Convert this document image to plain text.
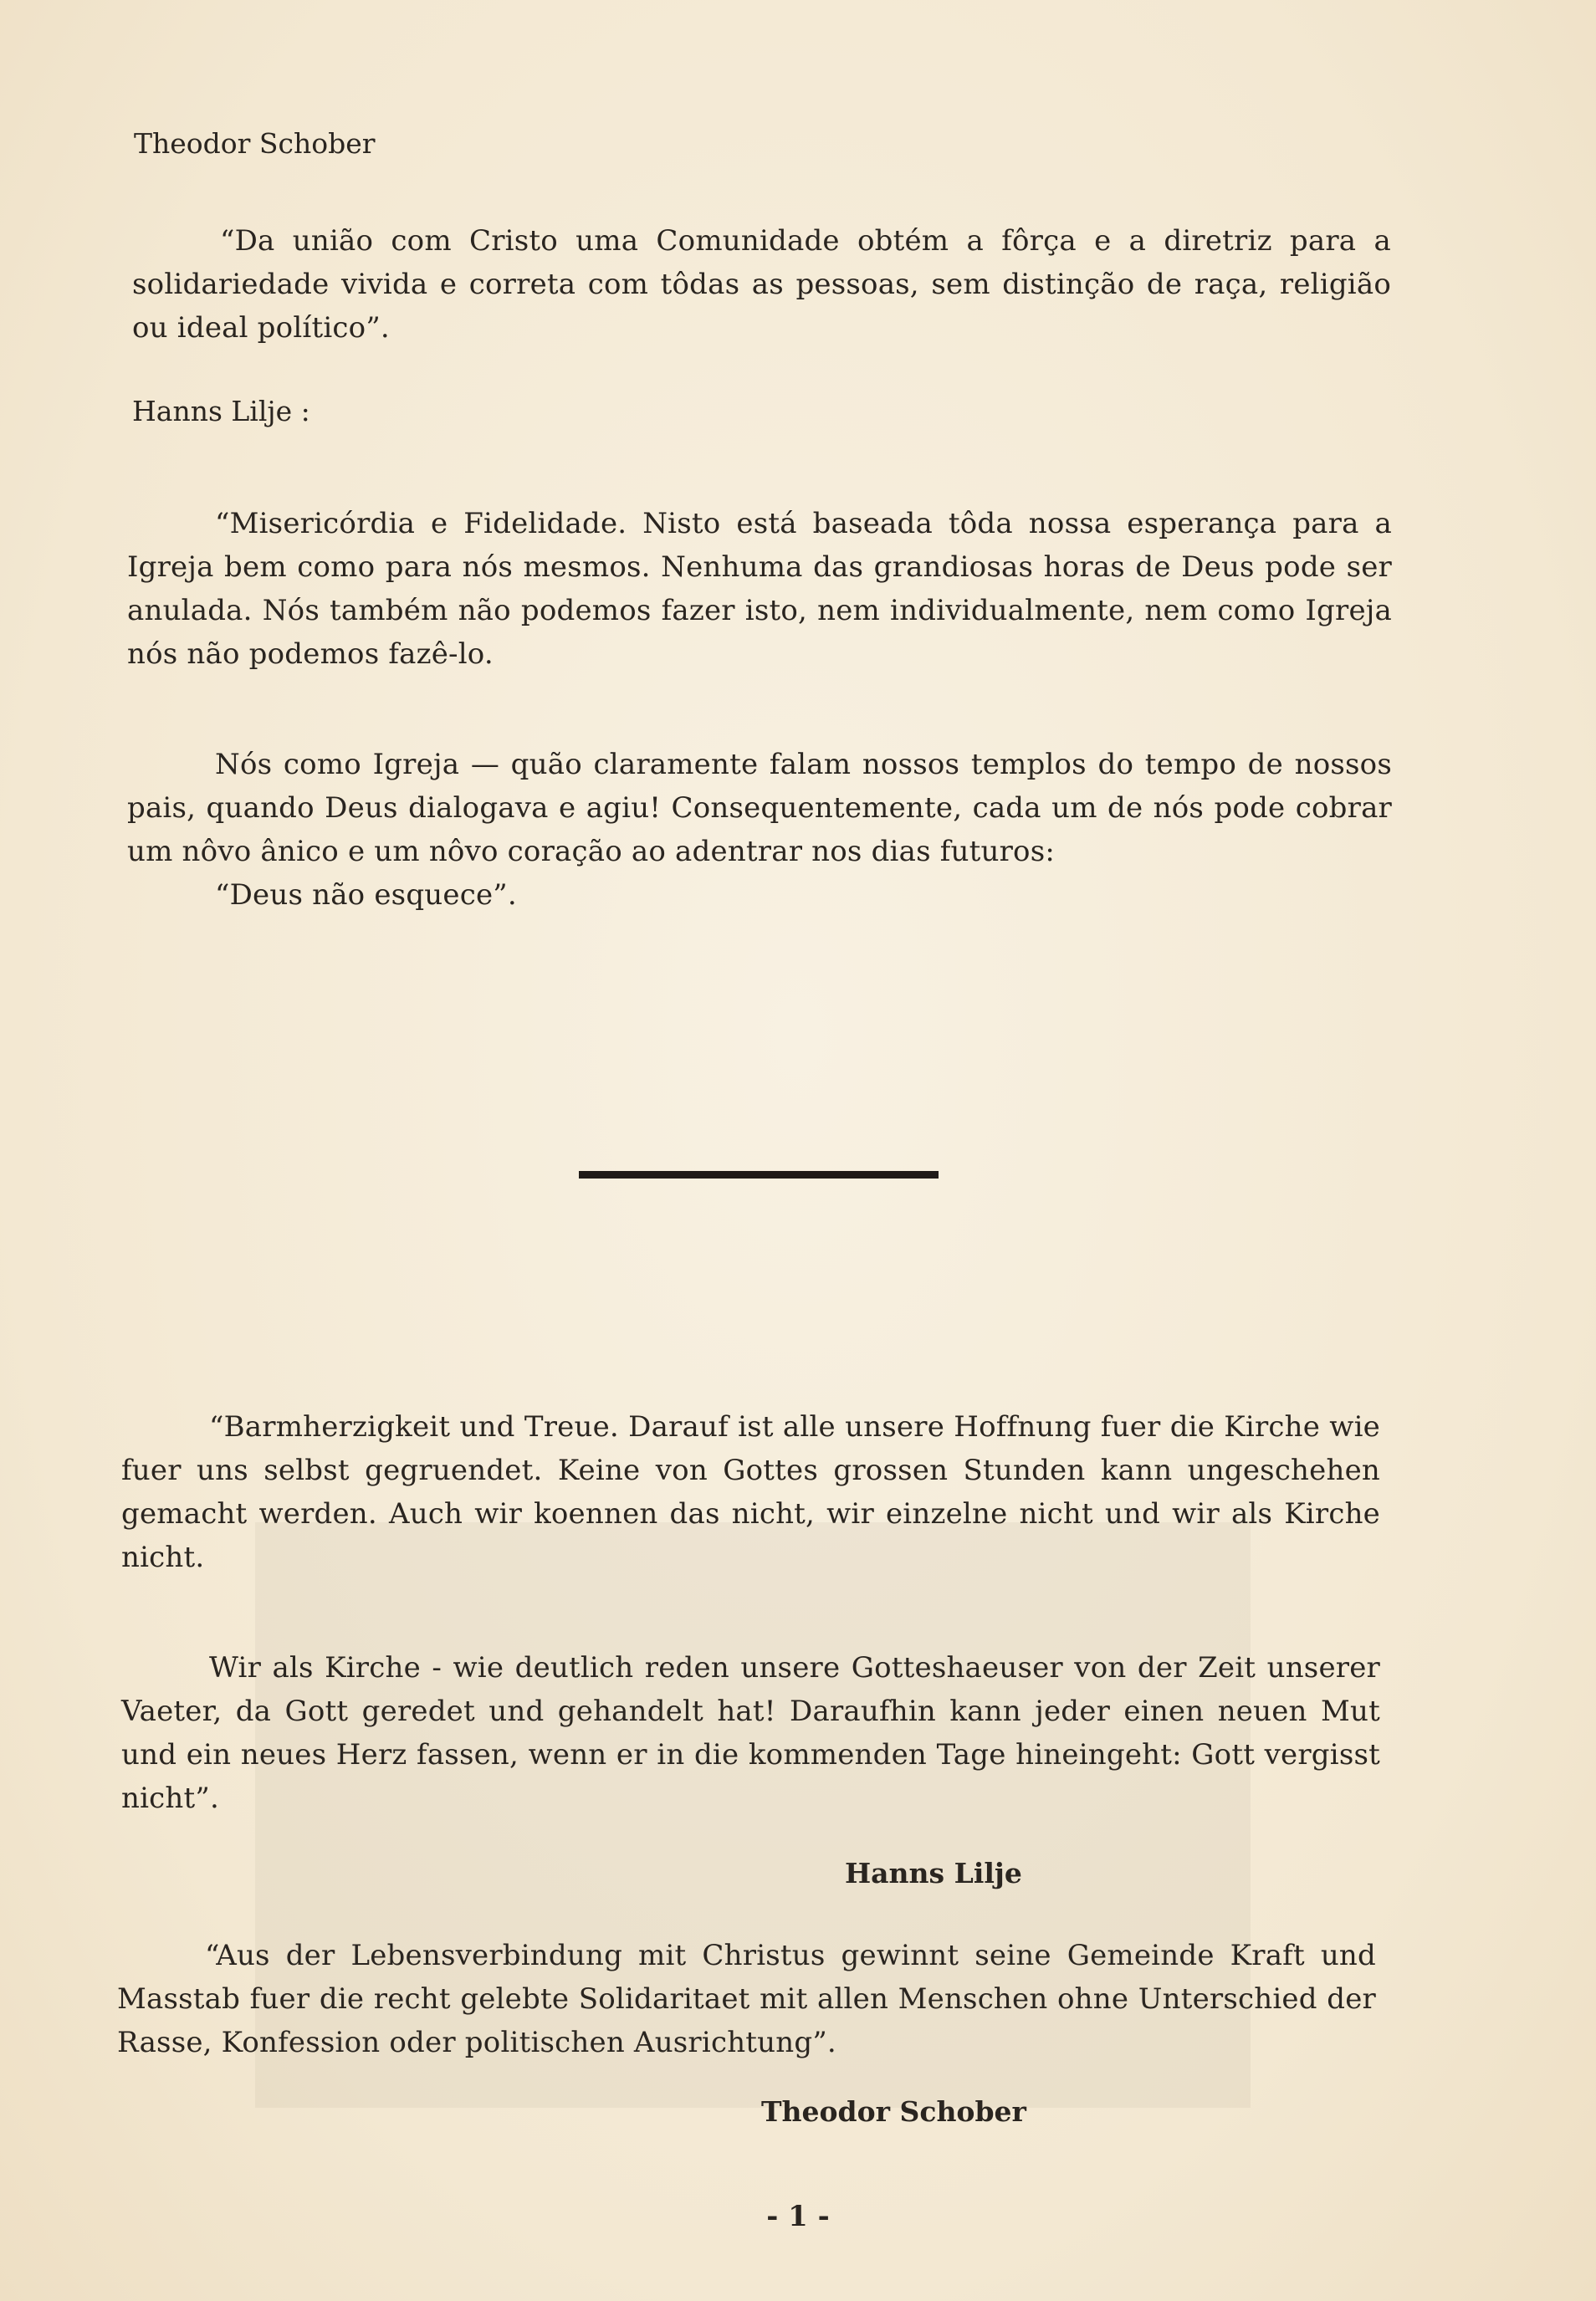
Theodor Schober

“Da união com Cristo uma Comunidade obtém a fôrça e a diretriz para a solidariedade vivida e correta com tôdas as pessoas, sem distinção de raça, religião ou ideal político”.

Hanns Lilje :

“Misericórdia e Fidelidade. Nisto está baseada tôda nossa esperança para a Igreja bem como para nós mesmos. Nenhuma das grandiosas horas de Deus pode ser anulada. Nós também não podemos fazer isto, nem individualmente, nem como Igreja nós não podemos fazê-lo.

Nós como Igreja — quão claramente falam nossos templos do tempo de nossos pais, quando Deus dialogava e agiu! Consequentemente, cada um de nós pode cobrar um nôvo ânico e um nôvo coração ao adentrar nos dias futuros:

“Deus não esquece”.

“Barmherzigkeit und Treue. Darauf ist alle unsere Hoffnung fuer die Kirche wie fuer uns selbst gegruendet. Keine von Gottes grossen Stunden kann ungeschehen gemacht werden. Auch wir koennen das nicht, wir einzelne nicht und wir als Kirche nicht.

Wir als Kirche - wie deutlich reden unsere Gotteshaeuser von der Zeit unserer Vaeter, da Gott geredet und gehandelt hat! Daraufhin kann jeder einen neuen Mut und ein neues Herz fassen, wenn er in die kommenden Tage hineingeht: Gott vergisst nicht”.

Hanns Lilje

“Aus der Lebensverbindung mit Christus gewinnt seine Gemeinde Kraft und Masstab fuer die recht gelebte Solidaritaet mit allen Menschen ohne Unterschied der Rasse, Konfession oder politischen Ausrichtung”.

Theodor Schober
- 1 -
